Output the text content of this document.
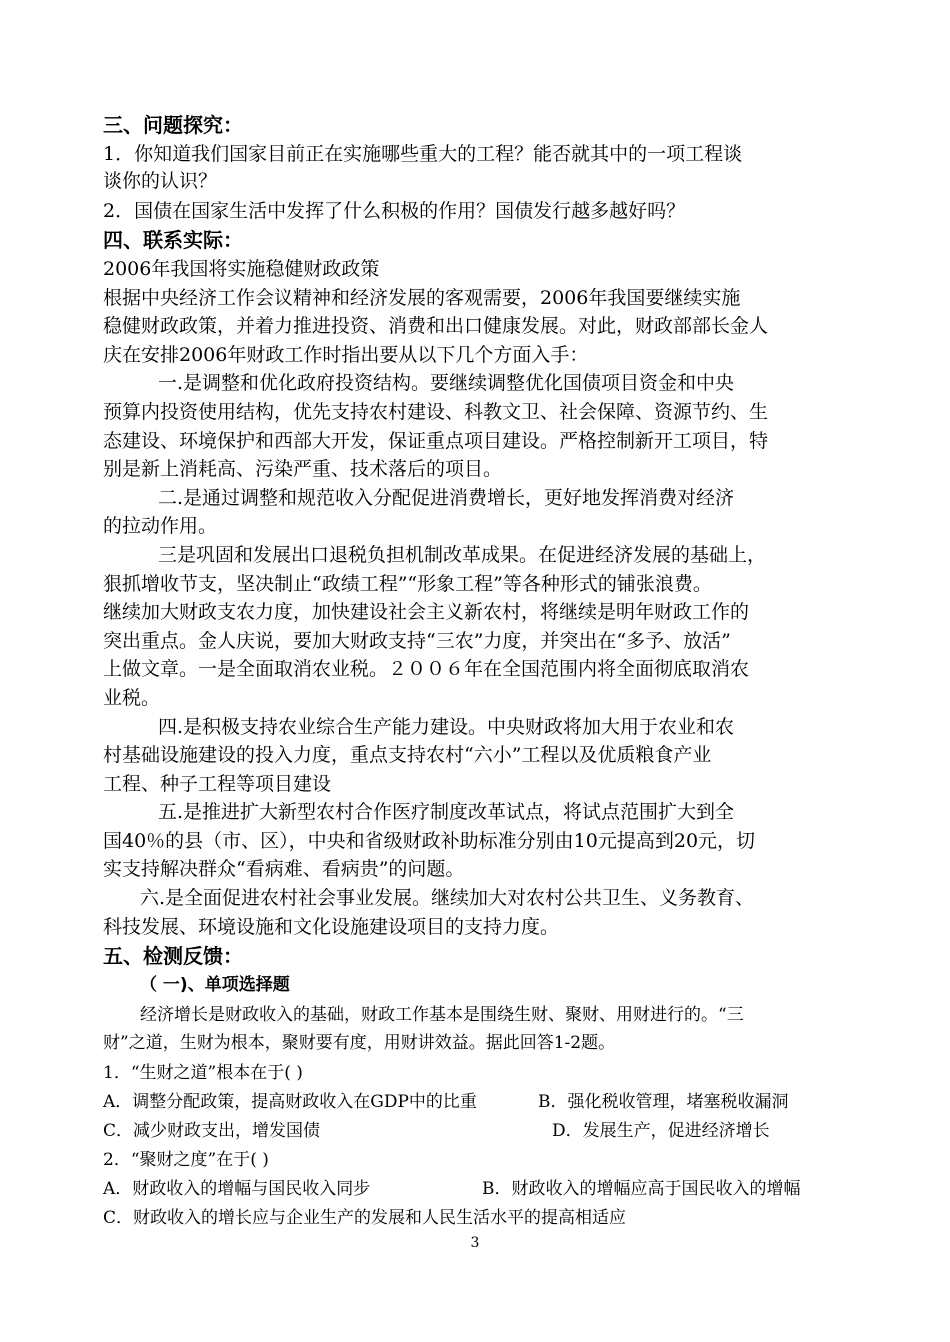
三、问题探究：
1．你知道我们国家目前正在实施哪些重大的工程？能否就其中的一项工程谈
谈你的认识？
2．国债在国家生活中发挥了什么积极的作用？国债发行越多越好吗？
四、联系实际：
2006年我国将实施稳健财政政策
根据中央经济工作会议精神和经济发展的客观需要，2006年我国要继续实施
稳健财政政策，并着力推进投资、消费和出口健康发展。对此，财政部部长金人
庆在安排2006年财政工作时指出要从以下几个方面入手：
一.是调整和优化政府投资结构。要继续调整优化国债项目资金和中央
预算内投资使用结构，优先支持农村建设、科教文卫、社会保障、资源节约、生
态建设、环境保护和西部大开发，保证重点项目建设。严格控制新开工项目，特
别是新上消耗高、污染严重、技术落后的项目。
二.是通过调整和规范收入分配促进消费增长，更好地发挥消费对经济
的拉动作用。
三是巩固和发展出口退税负担机制改革成果。在促进经济发展的基础上，
狠抓增收节支，坚决制止“政绩工程”“形象工程”等各种形式的铺张浪费。
继续加大财政支农力度，加快建设社会主义新农村，将继续是明年财政工作的
突出重点。金人庆说，要加大财政支持“三农”力度，并突出在“多予、放活”
上做文章。一是全面取消农业税。２００６年在全国范围内将全面彻底取消农
业税。
四.是积极支持农业综合生产能力建设。中央财政将加大用于农业和农
村基础设施建设的投入力度，重点支持农村“六小”工程以及优质粮食产业
工程、种子工程等项目建设
五.是推进扩大新型农村合作医疗制度改革试点，将试点范围扩大到全
国40％的县（市、区），中央和省级财政补助标准分别由10元提高到20元，切
实支持解决群众“看病难、看病贵”的问题。
六.是全面促进农村社会事业发展。继续加大对农村公共卫生、义务教育、
科技发展、环境设施和文化设施建设项目的支持力度。
五、检测反馈：
（ 一)、单项选择题
经济增长是财政收入的基础，财政工作基本是围绕生财、聚财、用财进行的。“三
财”之道，生财为根本，聚财要有度，用财讲效益。据此回答1-2题。
1．“生财之道”根本在于( )
A．调整分配政策，提高财政收入在GDP中的比重	B．强化税收管理，堵塞税收漏洞
C．减少财政支出，增发国债	D．发展生产，促进经济增长
2．“聚财之度”在于( )
A．财政收入的增幅与国民收入同步	B．财政收入的增幅应高于国民收入的增幅
C．财政收入的增长应与企业生产的发展和人民生活水平的提高相适应
3
